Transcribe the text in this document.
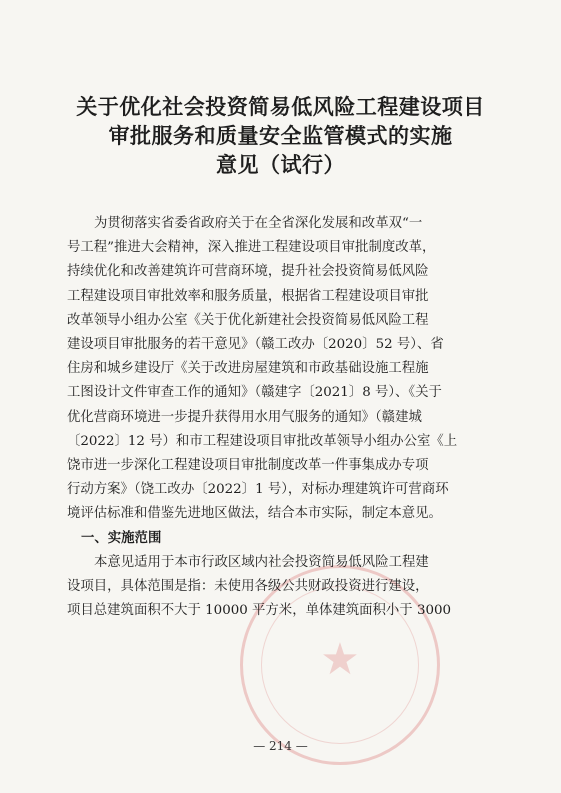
关于优化社会投资简易低风险工程建设项目
审批服务和质量安全监管模式的实施
意见（试行）
★
为贯彻落实省委省政府关于在全省深化发展和改革双“一
号工程”推进大会精神，深入推进工程建设项目审批制度改革，
持续优化和改善建筑许可营商环境，提升社会投资简易低风险
工程建设项目审批效率和服务质量，根据省工程建设项目审批
改革领导小组办公室《关于优化新建社会投资简易低风险工程
建设项目审批服务的若干意见》（赣工改办〔2020〕52 号）、省
住房和城乡建设厅《关于改进房屋建筑和市政基础设施工程施
工图设计文件审查工作的通知》（赣建字〔2021〕8 号）、《关于
优化营商环境进一步提升获得用水用气服务的通知》（赣建城
〔2022〕12 号）和市工程建设项目审批改革领导小组办公室《上
饶市进一步深化工程建设项目审批制度改革一件事集成办专项
行动方案》（饶工改办〔2022〕1 号），对标办理建筑许可营商环
境评估标准和借鉴先进地区做法，结合本市实际，制定本意见。
一、实施范围
本意见适用于本市行政区域内社会投资简易低风险工程建
设项目，具体范围是指：未使用各级公共财政投资进行建设，
项目总建筑面积不大于 10000 平方米，单体建筑面积小于 3000
— 214 —
